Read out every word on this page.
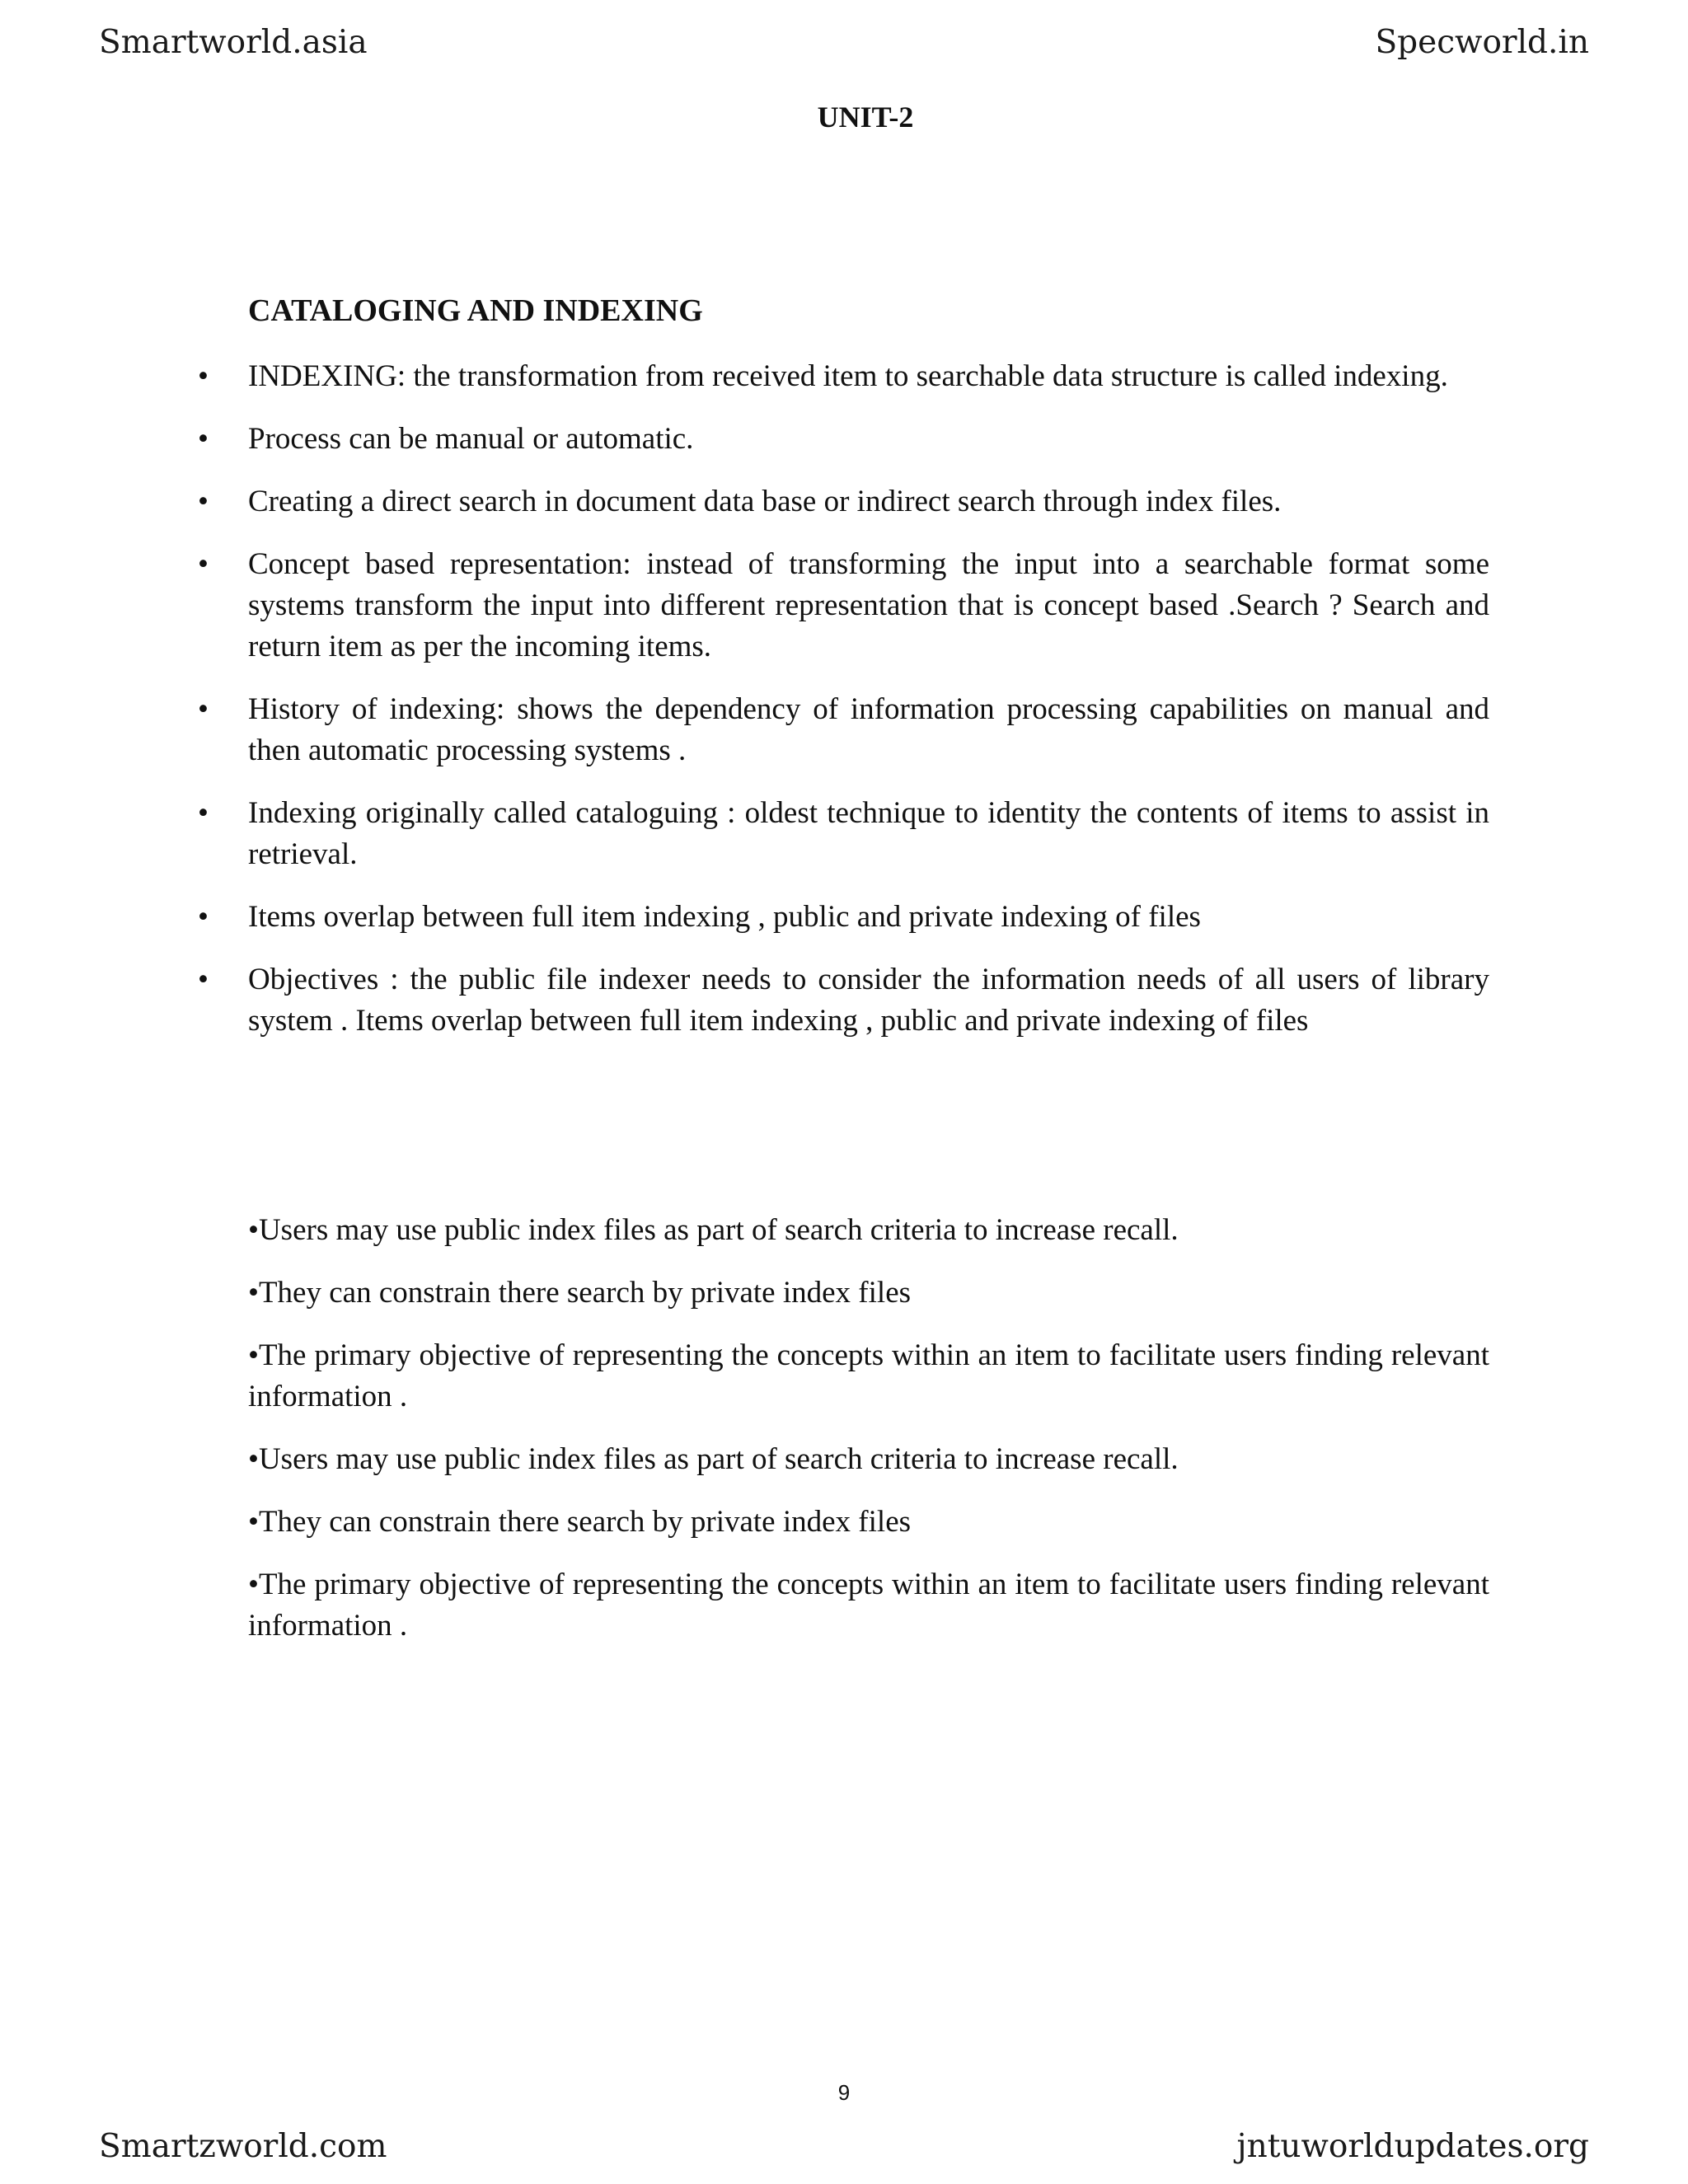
Smartworld.asia	Specworld.in
UNIT-2
CATALOGING AND INDEXING
• INDEXING: the transformation from received item to searchable data structure is called indexing.
• Process can be manual or automatic.
• Creating a direct search in document data base or indirect search through index files.
• Concept based representation: instead of transforming the input into a searchable format some systems transform the input into different representation that is concept based .Search ? Search and return item as per the incoming items.
• History of indexing: shows the dependency of information processing capabilities on manual and then automatic processing systems .
• Indexing originally called cataloguing : oldest technique to identity the contents of items to assist in retrieval.
• Items overlap between full item indexing , public and private indexing of files
• Objectives : the public file indexer needs to consider the information needs of all users of library system . Items overlap between full item indexing , public and private indexing of files
•Users may use public index files as part of search criteria to increase recall.
•They can constrain there search by private index files
•The primary objective of representing the concepts within an item to facilitate users finding relevant information .
•Users may use public index files as part of search criteria to increase recall.
•They can constrain there search by private index files
•The primary objective of representing the concepts within an item to facilitate users finding relevant information .
9
Smartzworld.com	jntuworldupdates.org
